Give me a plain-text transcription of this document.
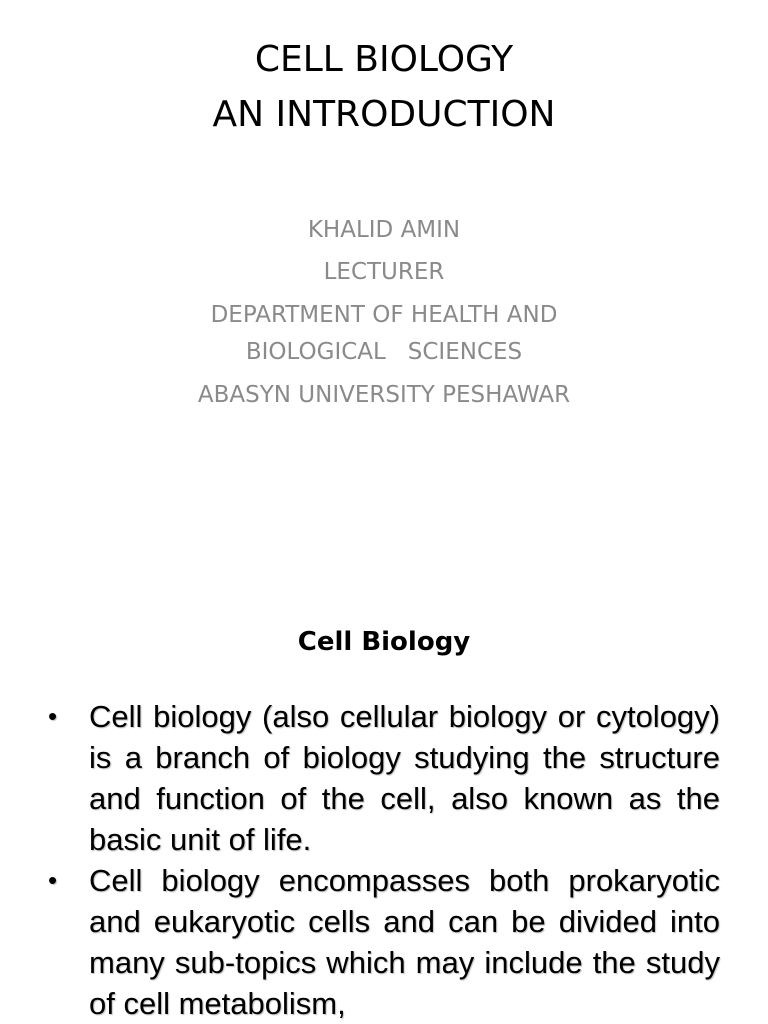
CELL BIOLOGY
AN INTRODUCTION

KHALID AMIN

LECTURER

DEPARTMENT OF HEALTH AND

BIOLOGICAL   SCIENCES

ABASYN UNIVERSITY PESHAWAR

Cell Biology
• Cell biology (also cellular biology or cytology) is a branch of biology studying the structure and function of the cell, also known as the basic unit of life.
• Cell biology encompasses both prokaryotic and eukaryotic cells and can be divided into many sub-topics which may include the study of cell metabolism,
